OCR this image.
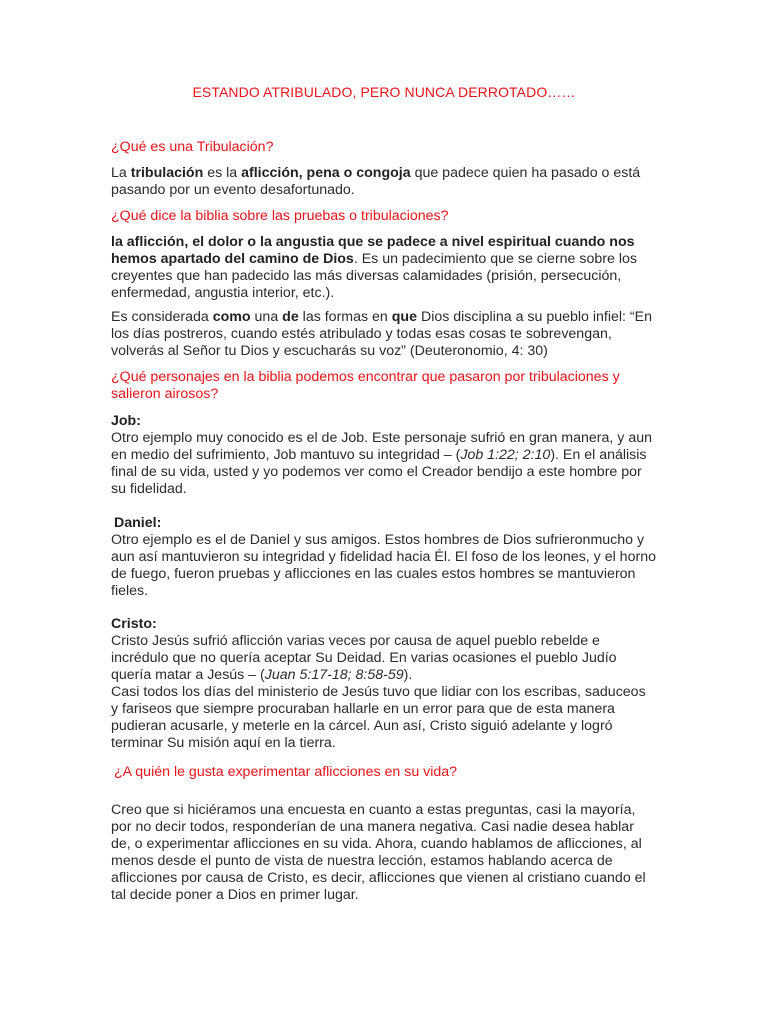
ESTANDO ATRIBULADO, PERO NUNCA DERROTADO……

¿Qué es una Tribulación?

La tribulación es la aflicción, pena o congoja que padece quien ha pasado o está pasando por un evento desafortunado.

¿Qué dice la biblia sobre las pruebas o tribulaciones?

la aflicción, el dolor o la angustia que se padece a nivel espiritual cuando nos hemos apartado del camino de Dios. Es un padecimiento que se cierne sobre los creyentes que han padecido las más diversas calamidades (prisión, persecución, enfermedad, angustia interior, etc.).

Es considerada como una de las formas en que Dios disciplina a su pueblo infiel: “En los días postreros, cuando estés atribulado y todas esas cosas te sobrevengan, volverás al Señor tu Dios y escucharás su voz” (Deuteronomio, 4: 30)

¿Qué personajes en la biblia podemos encontrar que pasaron por tribulaciones y salieron airosos?

Job:
Otro ejemplo muy conocido es el de Job. Este personaje sufrió en gran manera, y aun en medio del sufrimiento, Job mantuvo su integridad – (Job 1:22; 2:10). En el análisis final de su vida, usted y yo podemos ver como el Creador bendijo a este hombre por su fidelidad.

Daniel:
Otro ejemplo es el de Daniel y sus amigos. Estos hombres de Dios sufrieronmucho y aun así mantuvieron su integridad y fidelidad hacia Él. El foso de los leones, y el horno de fuego, fueron pruebas y aflicciones en las cuales estos hombres se mantuvieron fieles.

Cristo:
Cristo Jesús sufrió aflicción varias veces por causa de aquel pueblo rebelde e incrédulo que no quería aceptar Su Deidad. En varias ocasiones el pueblo Judío quería matar a Jesús – (Juan 5:17-18; 8:58-59).
Casi todos los días del ministerio de Jesús tuvo que lidiar con los escribas, saduceos y fariseos que siempre procuraban hallarle en un error para que de esta manera pudieran acusarle, y meterle en la cárcel. Aun así, Cristo siguió adelante y logró terminar Su misión aquí en la tierra.

¿A quién le gusta experimentar aflicciones en su vida?

Creo que si hiciéramos una encuesta en cuanto a estas preguntas, casi la mayoría, por no decir todos, responderían de una manera negativa. Casi nadie desea hablar de, o experimentar aflicciones en su vida. Ahora, cuando hablamos de aflicciones, al menos desde el punto de vista de nuestra lección, estamos hablando acerca de aflicciones por causa de Cristo, es decir, aflicciones que vienen al cristiano cuando el tal decide poner a Dios en primer lugar.
